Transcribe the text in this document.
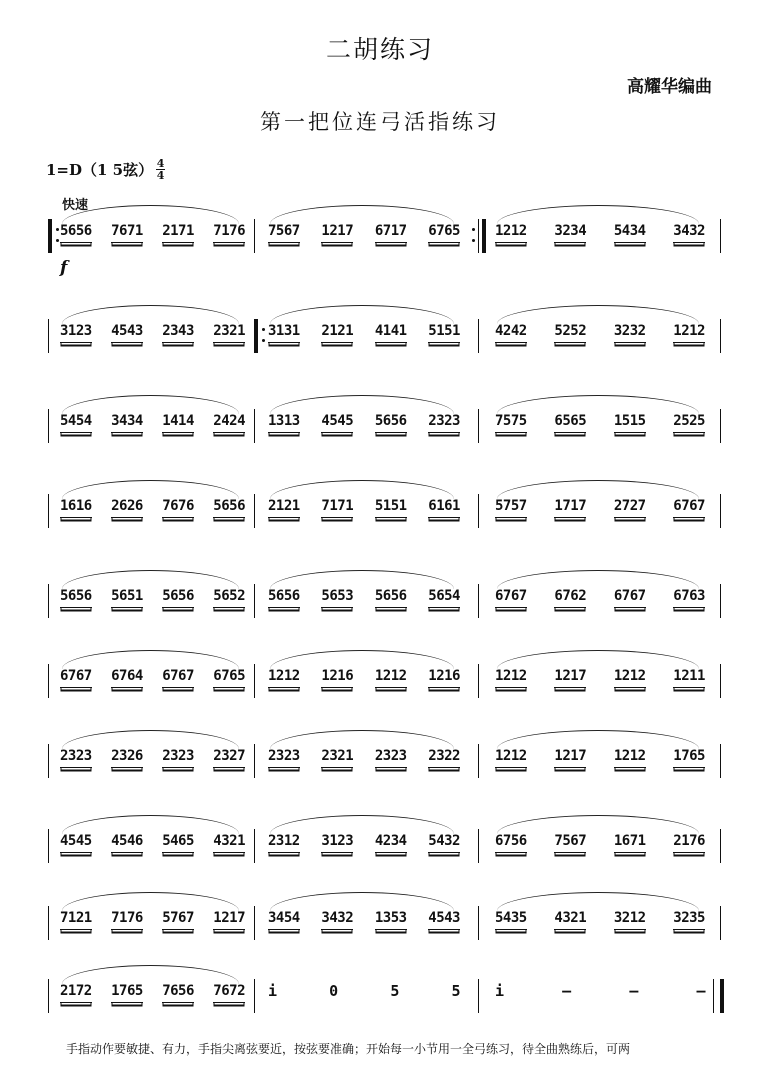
二胡练习
高耀华编曲
第一把位连弓活指练习
1=D（1 5弦） $\frac{4}{4}$
快速
f
5656 7671 2171 7176 7567 1217 6717 6765	1212 3234 5434 3432
3123 4543 2343 2321 3131 2121 4141 5151	4242 5252 3232 1212
5454 3434 1414 2424 1313 4545 5656 2323	7575 6565 1515 2525
1616 2626 7676 5656 2121 7171 5151 6161	5757 1717 2727 6767
5656 5651 5656 5652 5656 5653 5656 5654	6767 6762 6767 6763
6767 6764 6767 6765 1212 1216 1212 1216	1212 1217 1212 1211
2323 2326 2323 2327 2323 2321 2323 2322	1212 1217 1212 1765
4545 4546 5465 4321 2312 3123 4234 5432	6756 7567 1671 2176
7121 7176 5767 1217 3454 3432 1353 4543	5435 4321 3212 3235
2172 1765 7656 7672 i	0	5	5 i	–	–	–
手指动作要敏捷、有力，手指尖离弦要近，按弦要准确；开始每一小节用一全弓练习，待全曲熟练后，可两
